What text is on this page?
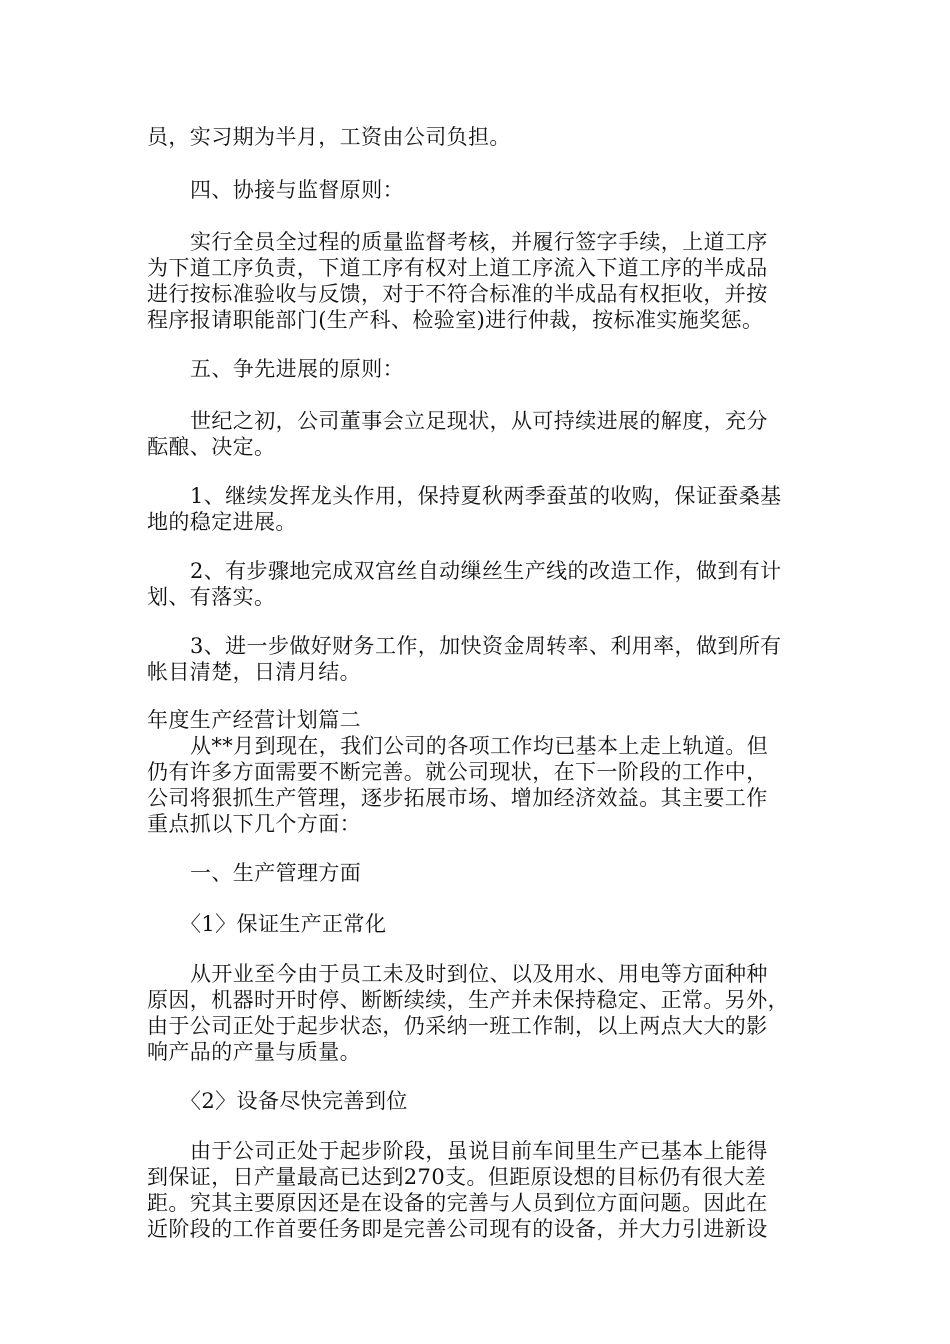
员，实习期为半月，工资由公司负担。

四、协接与监督原则：

实行全员全过程的质量监督考核，并履行签字手续，上道工序

为下道工序负责，下道工序有权对上道工序流入下道工序的半成品

进行按标准验收与反馈，对于不符合标准的半成品有权拒收，并按

程序报请职能部门(生产科、检验室)进行仲裁，按标准实施奖惩。

五、争先进展的原则：

世纪之初，公司董事会立足现状，从可持续进展的解度，充分

酝酿、决定。

1、继续发挥龙头作用，保持夏秋两季蚕茧的收购，保证蚕桑基

地的稳定进展。

2、有步骤地完成双宫丝自动缫丝生产线的改造工作，做到有计

划、有落实。

3、进一步做好财务工作，加快资金周转率、利用率，做到所有

帐目清楚，日清月结。

年度生产经营计划篇二

从**月到现在，我们公司的各项工作均已基本上走上轨道。但

仍有许多方面需要不断完善。就公司现状，在下一阶段的工作中，

公司将狠抓生产管理，逐步拓展市场、增加经济效益。其主要工作

重点抓以下几个方面：

一、生产管理方面

〈1〉保证生产正常化

从开业至今由于员工未及时到位、以及用水、用电等方面种种

原因，机器时开时停、断断续续，生产并未保持稳定、正常。另外，

由于公司正处于起步状态，仍采纳一班工作制，以上两点大大的影

响产品的产量与质量。

〈2〉设备尽快完善到位

由于公司正处于起步阶段，虽说目前车间里生产已基本上能得

到保证，日产量最高已达到270支。但距原设想的目标仍有很大差

距。究其主要原因还是在设备的完善与人员到位方面问题。因此在

近阶段的工作首要任务即是完善公司现有的设备，并大力引进新设
